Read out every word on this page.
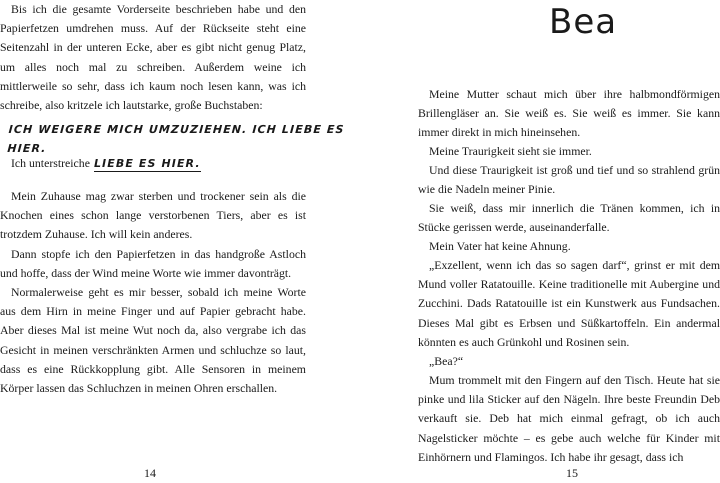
Bis ich die gesamte Vorderseite beschrieben habe und den Papierfetzen umdrehen muss. Auf der Rückseite steht eine Seitenzahl in der unteren Ecke, aber es gibt nicht genug Platz, um alles noch mal zu schreiben. Außerdem weine ich mittlerweile so sehr, dass ich kaum noch lesen kann, was ich schreibe, also kritzele ich lautstarke, große Buchstaben:

ICH WEIGERE MICH UMZUZIEHEN. ICH LIEBE ES HIER.

Ich unterstreiche LIEBE ES HIER.

Mein Zuhause mag zwar sterben und trockener sein als die Knochen eines schon lange verstorbenen Tiers, aber es ist trotzdem Zuhause. Ich will kein anderes.

Dann stopfe ich den Papierfetzen in das handgroße Astloch und hoffe, dass der Wind meine Worte wie immer davonträgt.

Normalerweise geht es mir besser, sobald ich meine Worte aus dem Hirn in meine Finger und auf Papier gebracht habe. Aber dieses Mal ist meine Wut noch da, also vergrabe ich das Gesicht in meinen verschränkten Armen und schluchze so laut, dass es eine Rückkopplung gibt. Alle Sensoren in meinem Körper lassen das Schluchzen in meinen Ohren erschallen.

14	15
Bea

Meine Mutter schaut mich über ihre halbmondförmigen Brillengläser an. Sie weiß es. Sie weiß es immer. Sie kann immer direkt in mich hineinsehen.

Meine Traurigkeit sieht sie immer.

Und diese Traurigkeit ist groß und tief und so strahlend grün wie die Nadeln meiner Pinie.

Sie weiß, dass mir innerlich die Tränen kommen, ich in Stücke gerissen werde, auseinanderfalle.

Mein Vater hat keine Ahnung.

„Exzellent, wenn ich das so sagen darf“, grinst er mit dem Mund voller Ratatouille. Keine traditionelle mit Aubergine und Zucchini. Dads Ratatouille ist ein Kunstwerk aus Fundsachen. Dieses Mal gibt es Erbsen und Süßkartoffeln. Ein andermal könnten es auch Grünkohl und Rosinen sein.

„Bea?“

Mum trommelt mit den Fingern auf den Tisch. Heute hat sie pinke und lila Sticker auf den Nägeln. Ihre beste Freundin Deb verkauft sie. Deb hat mich einmal gefragt, ob ich auch Nagelsticker möchte – es gebe auch welche für Kinder mit Einhörnern und Flamingos. Ich habe ihr gesagt, dass ich
